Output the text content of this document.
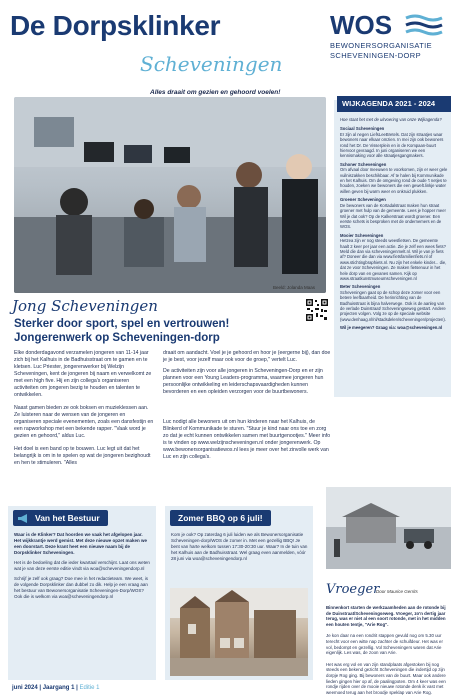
De Dorpsklinker
Scheveningen
WOS
BEWONERSORGANISATIE
SCHEVENINGEN-DORP
Alles draait om gezien en gehoord voelen!
Beeld: Jolanda Maas
Jong Scheveningen
Sterker door sport, spel en vertrouwen! Jongerenwerk op Scheveningen-dorp

Elke donderdagavond verzamelen jongeren van 11-14 jaar zich bij het Kalhuis in de Badhuisstraat om te gamen en te kletsen. Luc Priester, jongerenwerker bij Welzijn Scheveningen, kent de jongeren bij naam en verwelkomt ze met een high five. Hij en zijn collega's organiseren activiteiten om jongeren bezig te houden en talenten te ontwikkelen.

Naast gamen bieden ze ook boksen en muzieklessen aan. Ze luisteren naar de wensen van de jongeren en organiseren speciale evenementen, zoals een dansfestijn en een rapworkshop met een bekende rapper. "Vaak word je gezien en gehoord," aldus Luc.

Het doel is een band op te bouwen. Luc legt uit dat het belangrijk is om in te spelen op wat de jongeren bezighoudt en hen te stimuleren. "Alles

draait om aandacht. Voel je je gehoord en hoor je (eergerne bij), dan doe je je best, voor jezelf maar ook voor de groep," vertelt Luc.
De activiteiten zijn voor alle jongeren in Scheveningen-Dorp en er zijn plannen voor een Young Leaders-programma, waarmee jongeren hun persoonlijke ontwikkeling en leiderschapsvaardigheden kunnen bevorderen en een opleiden verzorgen voor de buurtbewoners.
Luc nodigt alle bewoners uit om hun kinderen naar het Kalhuis, de Blinkerd of Kommunikade te sturen. "Stuur je kind naar ons toe en zorg zo dat je echt kunnen ontwikkelen samen met buurtgenootjes." Meer info is te vinden op www.welzijnscheveningen.nl onder jongerenwerk. Op www.bewonersorganisatiewos.nl lees je meer over het zinvolle werk van Luc en zijn collega's.
WIJKAGENDA 2021 - 2024
Hoe staat het met de uitvoering van onze Wijkagenda?
Sociaal Scheveningen
Er zijn al negen LiefsLeeBretels. Dat zijn straatjes waar bewoners naar elkaar omzien. In mei zijn ook bewoners rond het Dr. De Visserplein en in de Kompaan-buurt hiervoor gevraagd. In juni organiseren we een kennismaking voor alle straatjesgangmakers.
Schoner Scheveningen
Om afvaal door meeuwen te voorkomen, zijn er weer gele vuilniszakken beschikbaar. Af te halen bij Kommunikade en het Kalhuis. Om de omgeving rond de oude 't netjes te houden, zoeken we bewoners die een gewelt.linkje water willen geven bij warm weer en onkruid plukken.
Groener Scheveningen
De bewoners van de Kortadalstraat maken hun straat groener met hulp van de gemeente. Lees je hopper mee! Wil je dat ook? Op de Kalkerstraat wordt groener. Een eerste schets is besproken met de ondernemers en de WOS.
Mooier Scheveningen
Hetzea zijn er nog steeds weesfietsen. De gemeente haalt 2 keer per jaar een actie. Zie je zelf een wees fiets? Meld die dan via scheveningenmelt.nl. Wil je van je fiets af? Doneer die dan via www.fietsfamilienfiets.nl of www.stichtingbraphiets.nl. Nu zijn het enkele kinder... die, dat ze voor Scheveningen. Ze maken fietsenuur in het hele dorp van en gevanes samen. Kijk op www.straatkunstmuseumscheveningen.nl
Beter Scheveningen
Scheveningen gaat op de schop deze zomer voor een betere leefbaarheid. De herinrichting van de Badhuisstraat is bijna halverwege. Ook is de aanleg van de verlade Duinstraat/ Scheveningseweg gestart. Andere projecten volgen. Volg ze op de speciale website (www.denhaag.nl/nl/stadsdelen/scheveningen/projecten).
Wil je meegeren? Graag via: woa@scheveningen.nl
Vroeger
Door Maurice Gerrits

Binnenkort starten de werkzaamheden aan de rotonde bij de Duinstraat/Scheveningseweg. Vroeger, zo'n dertig jaar terug, was er niet al een soort rotonde, met in het midden een houten tentje, "Arie Rog".

Je kon daar na een rondrit stappen gevuld nog om 5.30 uur terecht voor een witte nap zachter de schuifdeur. Het was er vol, bedompt en gezellig. Vol Scheveningers waren dat Arie eigenlijk. Les was, de zoon van Arie.

Het was erg vol en van zijn standplaats afgestoken bij nog steeds een bekend gezicht Scheveningen die indertijd op zijn dorpje Rog ging. Bij bewoners van de buurt. Maar ook andere lieden gingen hier op af, de paalingpoten. Om 4 keer was een rondje rijden over de mooie nieuwe rotonde denk ik vast met weemoed terug aan het broodje speklap van Arie Rog.

Van het Bestuur

Waar is de Klinker? Dat hoorden we vaak het afgelopen jaar. Het wijkkrantje werd gemist. Met deze nieuwe opzet maken we een doorstart. Deze krant heet een nieuwe naam bij de Dorpsklinker Scheveningen.

Het is de bedoeling dat die ieder kwartaal verschijnt. Laat ons weten wat je van deze eerste editie vindt via woa@scheveningendorp.nl

Schrijf je zelf ook graag? Doe mee in het redactieteam. We weet, is de volgende Dorpsklinker dan dubbel zo dik. Help je een vraag aan het bestuur van Bewonersorganisatie Scheveningen-Dorp/WOS? Ook die is welkom via woa@scheveningendorp.nl

Zomer BBQ op 6 juli!

Kom je ook? Op zaterdag 6 juli luiden we als Bewonersorganisatie Scheveningen-dorp/WOS de zomer in. Met een gezellig BBQ! Je bent van harte welkom tussen 17:30-20:30 uur. Waar? In de tuin van het Kalhuis aan de Badhuisstraat. Wel graag even aanmelden, vóór 28 juni via woa@scheveningendorp.nl

juni 2024 | Jaargang 1 | Editie 1
